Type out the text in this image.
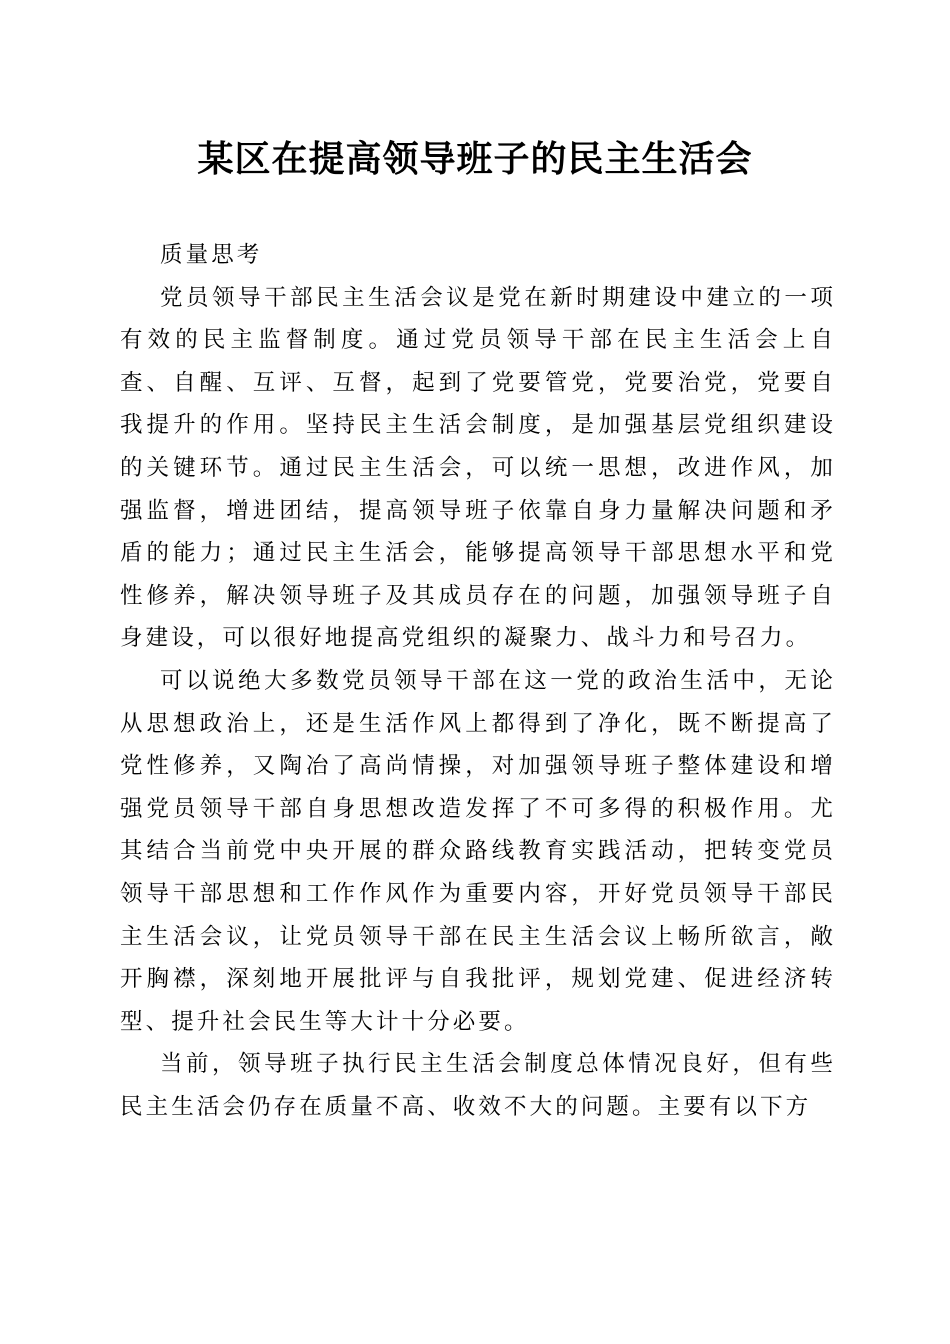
某区在提高领导班子的民主生活会

质量思考

党员领导干部民主生活会议是党在新时期建设中建立的一项有效的民主监督制度。通过党员领导干部在民主生活会上自查、自醒、互评、互督，起到了党要管党，党要治党，党要自我提升的作用。坚持民主生活会制度，是加强基层党组织建设的关键环节。通过民主生活会，可以统一思想，改进作风，加强监督，增进团结，提高领导班子依靠自身力量解决问题和矛盾的能力；通过民主生活会，能够提高领导干部思想水平和党性修养，解决领导班子及其成员存在的问题，加强领导班子自身建设，可以很好地提高党组织的凝聚力、战斗力和号召力。

可以说绝大多数党员领导干部在这一党的政治生活中，无论从思想政治上，还是生活作风上都得到了净化，既不断提高了党性修养，又陶冶了高尚情操，对加强领导班子整体建设和增强党员领导干部自身思想改造发挥了不可多得的积极作用。尤其结合当前党中央开展的群众路线教育实践活动，把转变党员领导干部思想和工作作风作为重要内容，开好党员领导干部民主生活会议，让党员领导干部在民主生活会议上畅所欲言，敞开胸襟，深刻地开展批评与自我批评，规划党建、促进经济转型、提升社会民生等大计十分必要。

当前，领导班子执行民主生活会制度总体情况良好，但有些民主生活会仍存在质量不高、收效不大的问题。主要有以下方
